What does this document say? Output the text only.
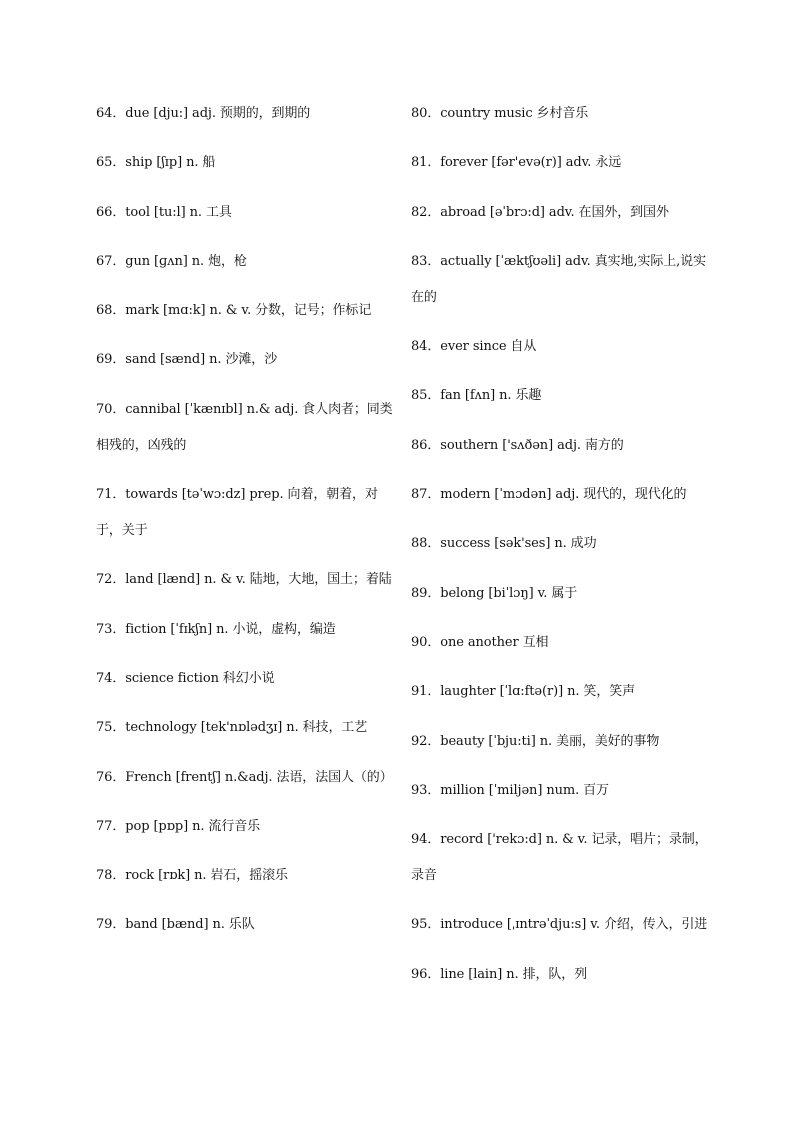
64．due [dju:] adj. 预期的，到期的

65．ship [ʃɪp] n. 船

66．tool [tu:l] n. 工具

67．gun [ɡʌn] n. 炮，枪

68．mark [mɑ:k] n. & v. 分数，记号；作标记

69．sand [sænd] n. 沙滩，沙

70．cannibal [ˈkænɪbl] n.& adj. 食人肉者；同类相残的，凶残的

71．towards [təˈwɔ:dz] prep. 向着，朝着，对于，关于

72．land [lænd] n. & v. 陆地，大地，国土；着陆

73．fiction [ˈfɪkʃn] n. 小说，虚构，编造

74．science fiction 科幻小说

75．technology [tek'nɒlədʒɪ] n. 科技，工艺

76．French [frentʃ] n.&adj. 法语，法国人（的）

77．pop [pɒp] n. 流行音乐

78．rock [rɒk] n. 岩石，摇滚乐

79．band [bænd] n. 乐队

80．country music 乡村音乐

81．forever [fər'evə(r)] adv. 永远

82．abroad [əˈbrɔ:d] adv. 在国外，到国外

83．actually [ˈæktʃʊəli] adv. 真实地,实际上,说实在的

84．ever since 自从

85．fan [fʌn] n. 乐趣

86．southern ['sʌðən] adj. 南方的

87．modern [ˈmɔdən] adj. 现代的，现代化的

88．success [sək'ses] n. 成功

89．belong [biˈlɔŋ] v. 属于

90．one another 互相

91．laughter [ˈlɑ:ftə(r)] n. 笑，笑声

92．beauty [ˈbju:ti] n. 美丽，美好的事物

93．million [ˈmiljən] num. 百万

94．record ['rekɔ:d] n. & v. 记录，唱片；录制，录音

95．introduce [ˌɪntrəˈdju:s] v. 介绍，传入，引进

96．line [lain] n. 排，队，列
